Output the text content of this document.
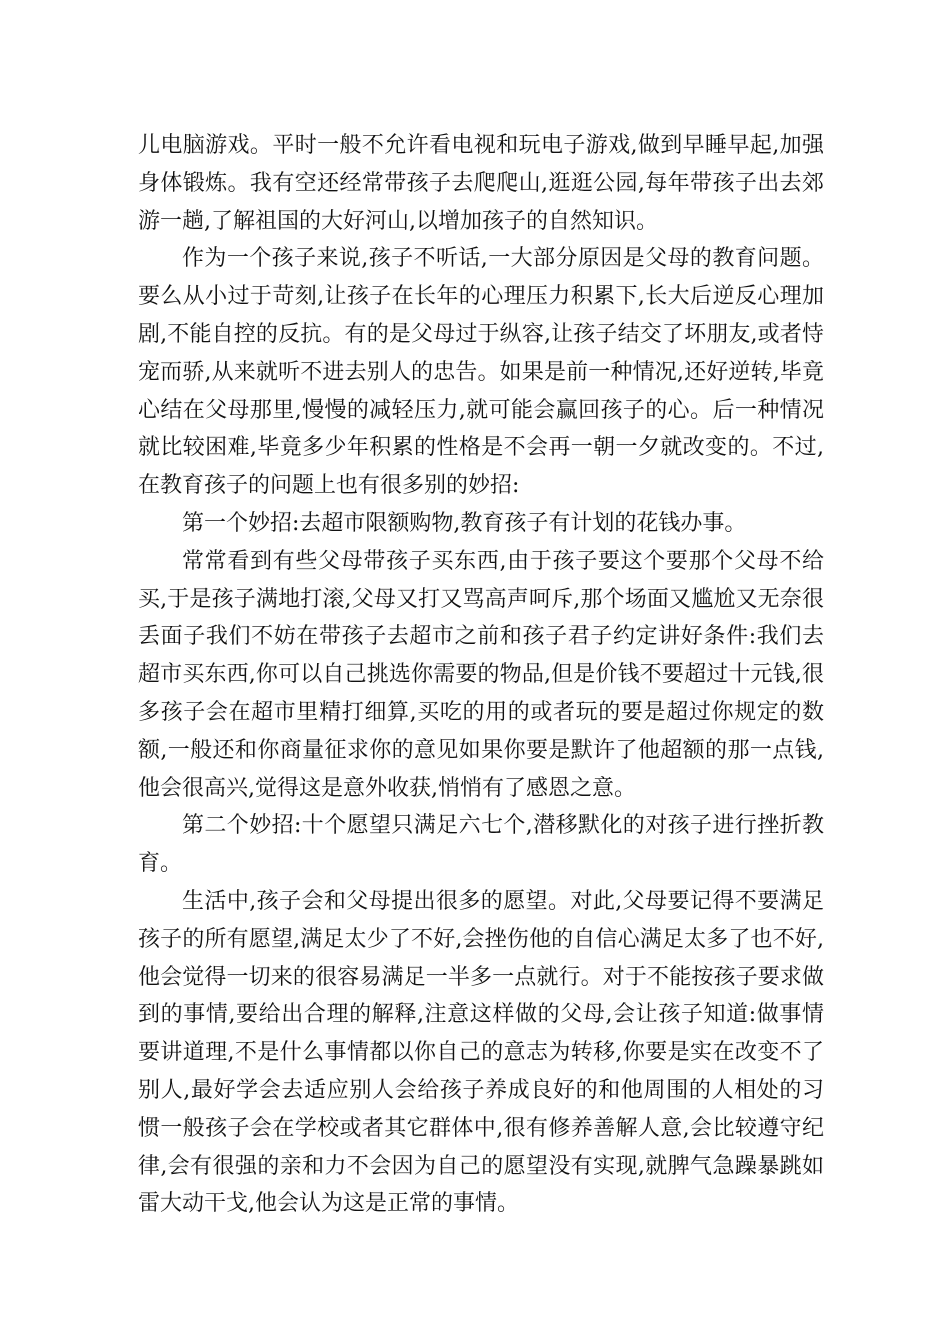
儿电脑游戏。平时一般不允许看电视和玩电子游戏,做到早睡早起,加强身体锻炼。我有空还经常带孩子去爬爬山,逛逛公园,每年带孩子出去郊游一趟,了解祖国的大好河山,以增加孩子的自然知识。

作为一个孩子来说,孩子不听话,一大部分原因是父母的教育问题。要么从小过于苛刻,让孩子在长年的心理压力积累下,长大后逆反心理加剧,不能自控的反抗。有的是父母过于纵容,让孩子结交了坏朋友,或者恃宠而骄,从来就听不进去别人的忠告。如果是前一种情况,还好逆转,毕竟心结在父母那里,慢慢的减轻压力,就可能会赢回孩子的心。后一种情况就比较困难,毕竟多少年积累的性格是不会再一朝一夕就改变的。不过,在教育孩子的问题上也有很多别的妙招:

第一个妙招:去超市限额购物,教育孩子有计划的花钱办事。

常常看到有些父母带孩子买东西,由于孩子要这个要那个父母不给买,于是孩子满地打滚,父母又打又骂高声呵斥,那个场面又尴尬又无奈很丢面子我们不妨在带孩子去超市之前和孩子君子约定讲好条件:我们去超市买东西,你可以自己挑选你需要的物品,但是价钱不要超过十元钱,很多孩子会在超市里精打细算,买吃的用的或者玩的要是超过你规定的数额,一般还和你商量征求你的意见如果你要是默许了他超额的那一点钱,他会很高兴,觉得这是意外收获,悄悄有了感恩之意。

第二个妙招:十个愿望只满足六七个,潜移默化的对孩子进行挫折教育。

生活中,孩子会和父母提出很多的愿望。对此,父母要记得不要满足孩子的所有愿望,满足太少了不好,会挫伤他的自信心满足太多了也不好,他会觉得一切来的很容易满足一半多一点就行。对于不能按孩子要求做到的事情,要给出合理的解释,注意这样做的父母,会让孩子知道:做事情要讲道理,不是什么事情都以你自己的意志为转移,你要是实在改变不了别人,最好学会去适应别人会给孩子养成良好的和他周围的人相处的习惯一般孩子会在学校或者其它群体中,很有修养善解人意,会比较遵守纪律,会有很强的亲和力不会因为自己的愿望没有实现,就脾气急躁暴跳如雷大动干戈,他会认为这是正常的事情。
